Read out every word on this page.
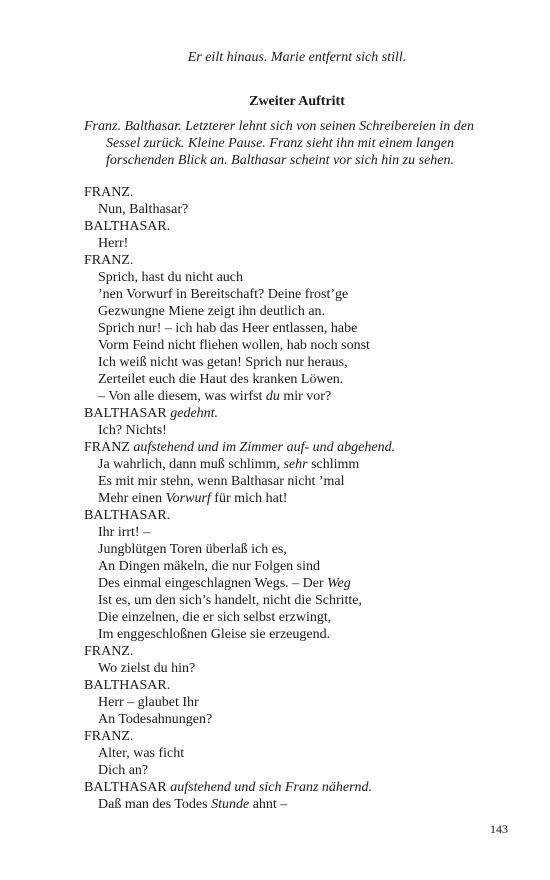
Er eilt hinaus. Marie entfernt sich still.
Zweiter Auftritt
Franz. Balthasar. Letzterer lehnt sich von seinen Schreibereien in den
Sessel zurück. Kleine Pause. Franz sieht ihn mit einem langen
forschenden Blick an. Balthasar scheint vor sich hin zu sehen.
FRANZ.
Nun, Balthasar?
BALTHASAR.
Herr!
FRANZ.
Sprich, hast du nicht auch
’nen Vorwurf in Bereitschaft? Deine frost’ge
Gezwungne Miene zeigt ihn deutlich an.
Sprich nur! – ich hab das Heer entlassen, habe
Vorm Feind nicht fliehen wollen, hab noch sonst
Ich weiß nicht was getan! Sprich nur heraus,
Zerteilet euch die Haut des kranken Löwen.
– Von alle diesem, was wirfst du mir vor?
BALTHASAR gedehnt.
Ich? Nichts!
FRANZ aufstehend und im Zimmer auf- und abgehend.
Ja wahrlich, dann muß schlimm, sehr schlimm
Es mit mir stehn, wenn Balthasar nicht ’mal
Mehr einen Vorwurf für mich hat!
BALTHASAR.
Ihr irrt! –
Jungblütgen Toren überlaß ich es,
An Dingen mäkeln, die nur Folgen sind
Des einmal eingeschlagnen Wegs. – Der Weg
Ist es, um den sich’s handelt, nicht die Schritte,
Die einzelnen, die er sich selbst erzwingt,
Im enggeschloßnen Gleise sie erzeugend.
FRANZ.
Wo zielst du hin?
BALTHASAR.
Herr – glaubet Ihr
An Todesahnungen?
FRANZ.
Alter, was ficht
Dich an?
BALTHASAR aufstehend und sich Franz nähernd.
Daß man des Todes Stunde ahnt –
143
